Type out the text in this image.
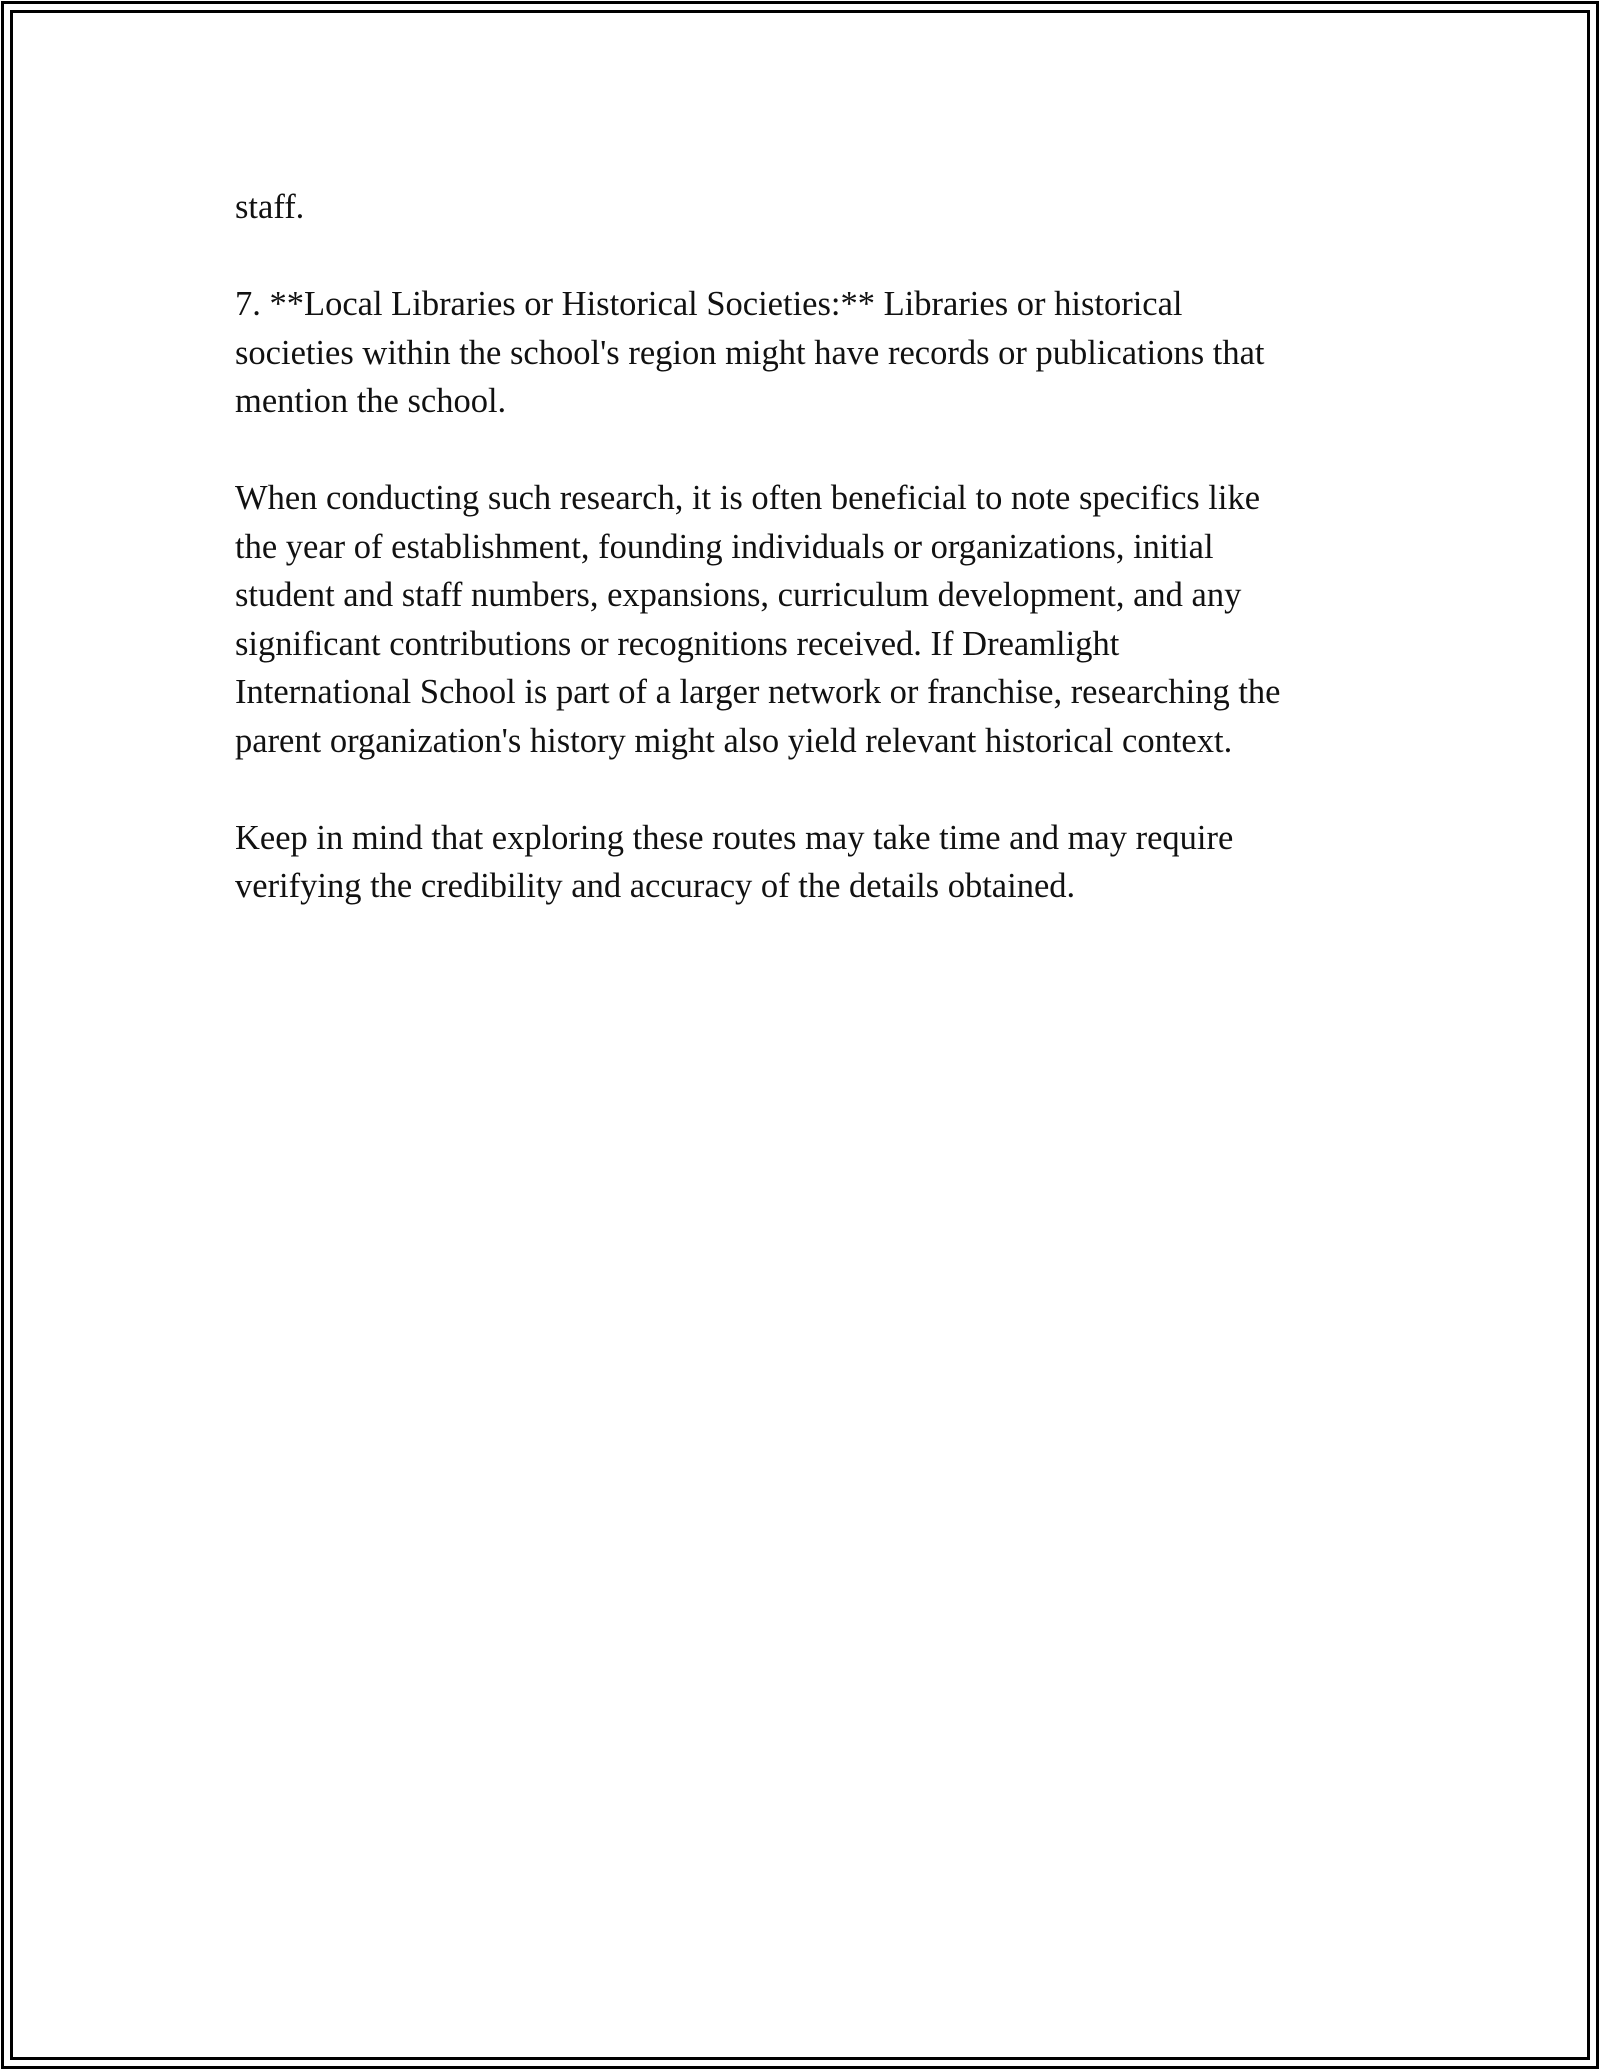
staff.

7. **Local Libraries or Historical Societies:** Libraries or historical
societies within the school's region might have records or publications that
mention the school.

When conducting such research, it is often beneficial to note specifics like
the year of establishment, founding individuals or organizations, initial
student and staff numbers, expansions, curriculum development, and any
significant contributions or recognitions received. If Dreamlight
International School is part of a larger network or franchise, researching the
parent organization's history might also yield relevant historical context.

Keep in mind that exploring these routes may take time and may require
verifying the credibility and accuracy of the details obtained.
